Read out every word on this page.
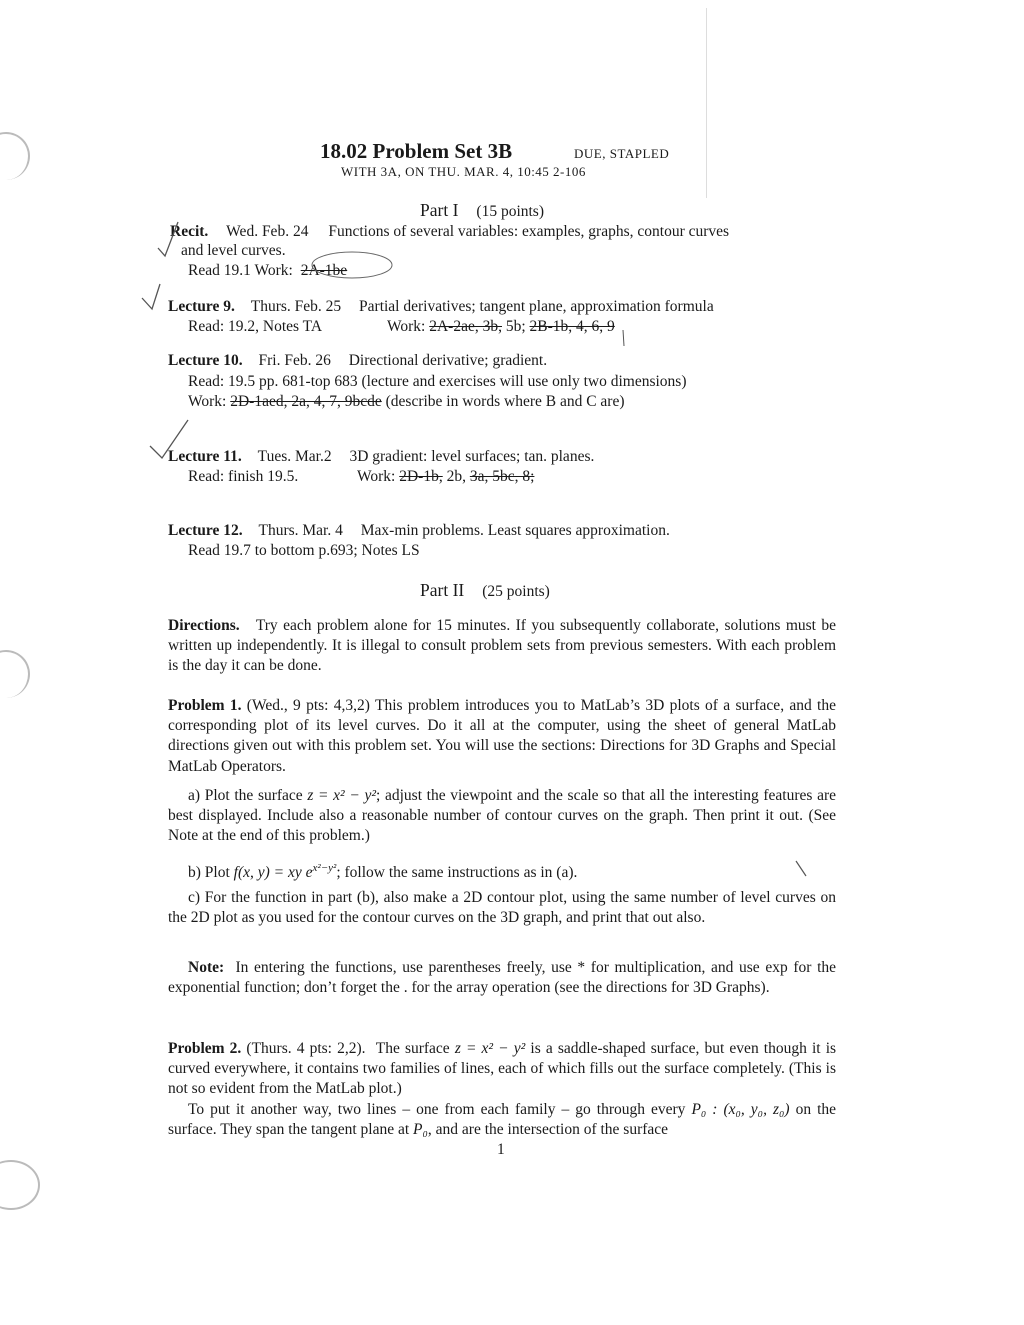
18.02 Problem Set 3B	DUE, STAPLED
WITH 3A, ON THU. MAR. 4, 10:45 2-106
Part I (15 points)
Recit. Wed. Feb. 24 Functions of several variables: examples, graphs, contour curves
and level curves.
Read 19.1 Work: 2A-1be
Lecture 9. Thurs. Feb. 25 Partial derivatives; tangent plane, approximation formula
Read: 19.2, Notes TA	Work: 2A-2ae, 3b, 5b; 2B-1b, 4, 6, 9
Lecture 10. Fri. Feb. 26 Directional derivative; gradient.
Read: 19.5 pp. 681-top 683 (lecture and exercises will use only two dimensions)
Work: 2D-1aed, 2a, 4, 7, 9bcde (describe in words where B and C are)
Lecture 11. Tues. Mar.2 3D gradient: level surfaces; tan. planes.
Read: finish 19.5.	Work: 2D-1b, 2b, 3a, 5bc, 8;
Lecture 12. Thurs. Mar. 4 Max-min problems. Least squares approximation.
Read 19.7 to bottom p.693; Notes LS
Part II (25 points)

Directions. Try each problem alone for 15 minutes. If you subsequently collaborate, solutions must be written up independently. It is illegal to consult problem sets from previous semesters. With each problem is the day it can be done.

Problem 1. (Wed., 9 pts: 4,3,2) This problem introduces you to MatLab’s 3D plots of a surface, and the corresponding plot of its level curves. Do it all at the computer, using the sheet of general MatLab directions given out with this problem set. You will use the sections: Directions for 3D Graphs and Special MatLab Operators.

a) Plot the surface z = x² − y²; adjust the viewpoint and the scale so that all the interesting features are best displayed. Include also a reasonable number of contour curves on the graph. Then print it out. (See Note at the end of this problem.)

b) Plot f(x, y) = xy $e^{x^2-y^2}$; follow the same instructions as in (a).

c) For the function in part (b), also make a 2D contour plot, using the same number of level curves on the 2D plot as you used for the contour curves on the 3D graph, and print that out also.

Note: In entering the functions, use parentheses freely, use * for multiplication, and use exp for the exponential function; don’t forget the . for the array operation (see the directions for 3D Graphs).

Problem 2. (Thurs. 4 pts: 2,2). The surface z = x² − y² is a saddle-shaped surface, but even though it is curved everywhere, it contains two families of lines, each of which fills out the surface completely. (This is not so evident from the MatLab plot.)

To put it another way, two lines – one from each family – go through every P₀ : (x₀, y₀, z₀) on the surface. They span the tangent plane at P₀, and are the intersection of the surface

1
